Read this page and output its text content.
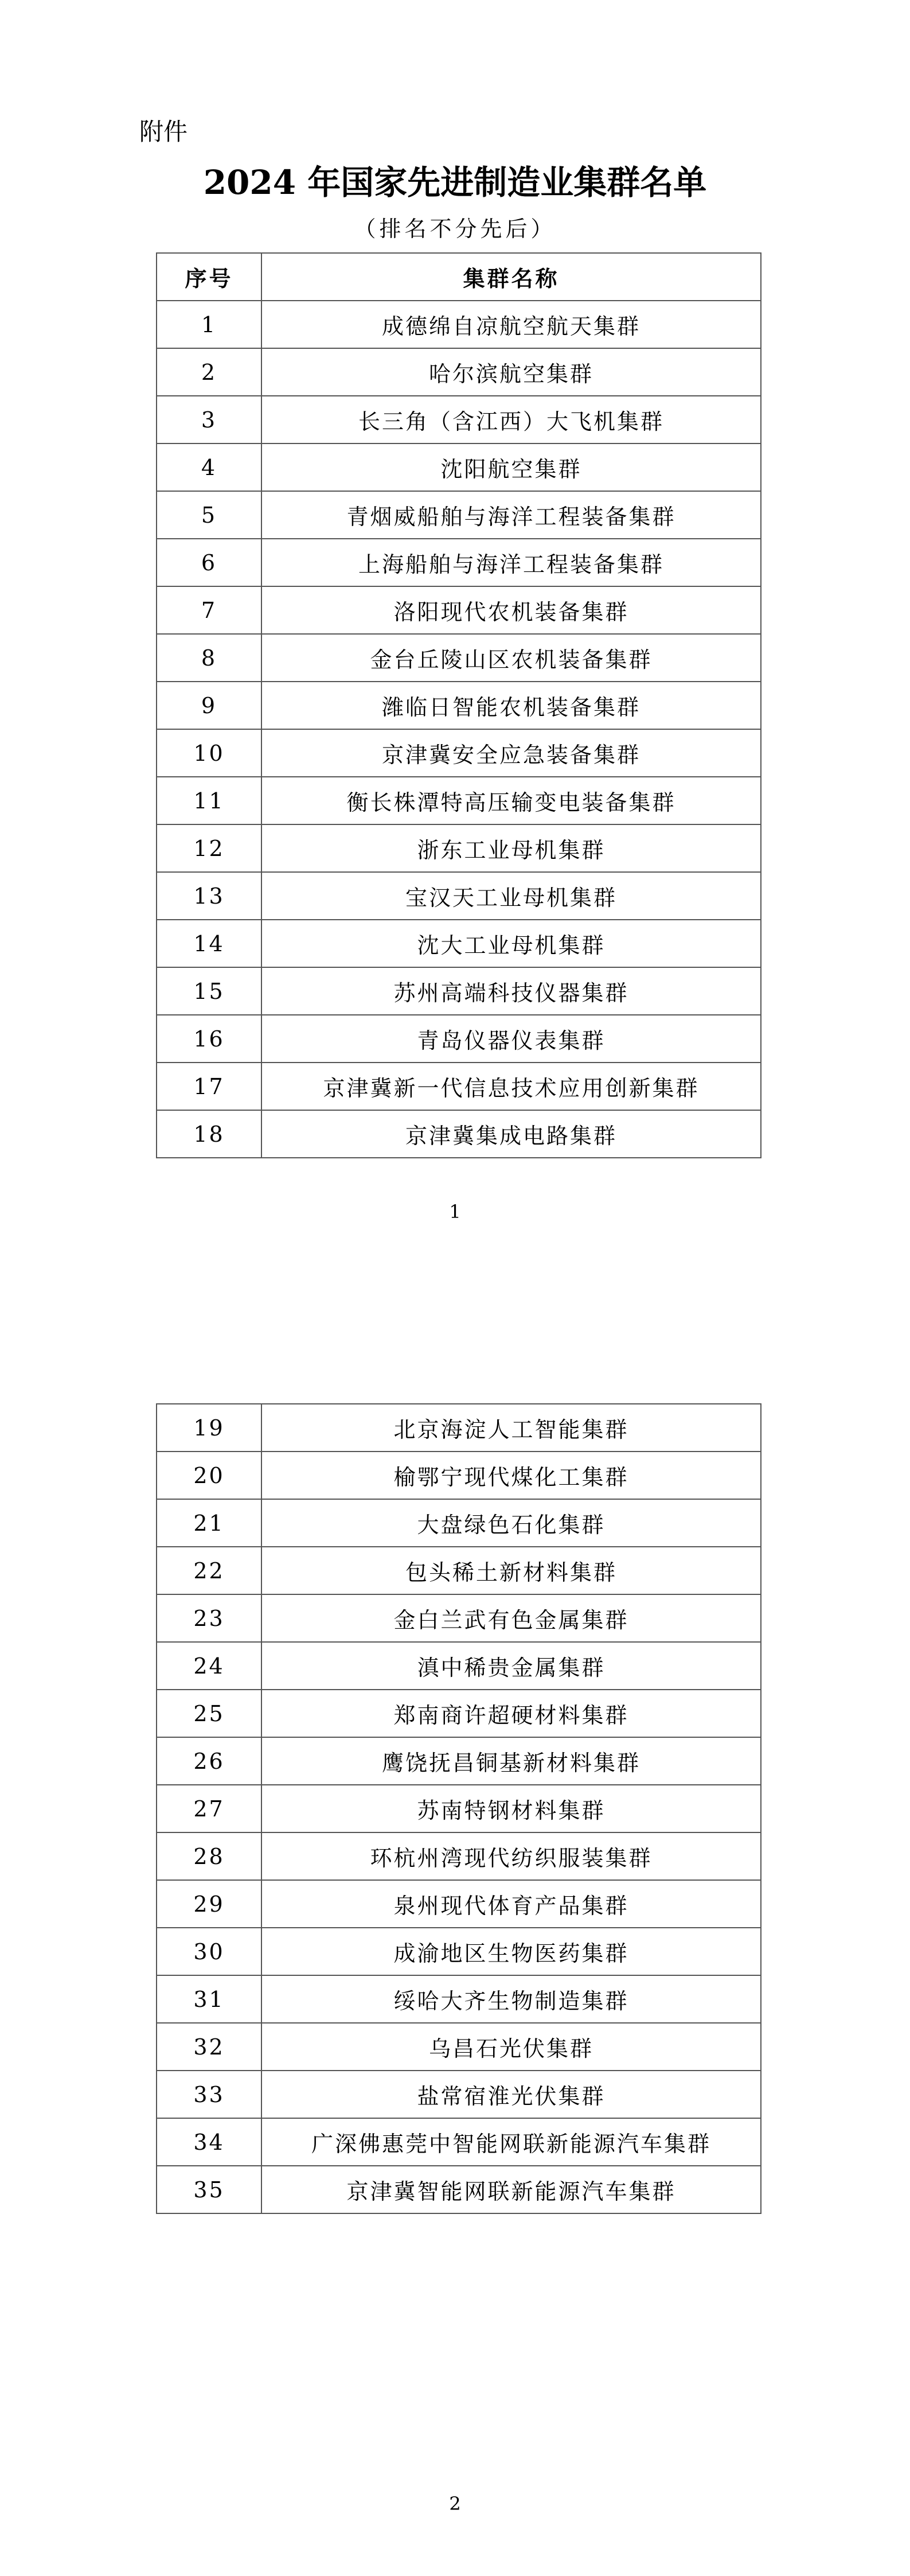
附件
2024 年国家先进制造业集群名单
（排名不分先后）
序号	集群名称
1	成德绵自凉航空航天集群
2	哈尔滨航空集群
3	长三角（含江西）大飞机集群
4	沈阳航空集群
5	青烟威船舶与海洋工程装备集群
6	上海船舶与海洋工程装备集群
7	洛阳现代农机装备集群
8	金台丘陵山区农机装备集群
9	潍临日智能农机装备集群
10	京津冀安全应急装备集群
11	衡长株潭特高压输变电装备集群
12	浙东工业母机集群
13	宝汉天工业母机集群
14	沈大工业母机集群
15	苏州高端科技仪器集群
16	青岛仪器仪表集群
17	京津冀新一代信息技术应用创新集群
18	京津冀集成电路集群
1
19	北京海淀人工智能集群
20	榆鄂宁现代煤化工集群
21	大盘绿色石化集群
22	包头稀土新材料集群
23	金白兰武有色金属集群
24	滇中稀贵金属集群
25	郑南商许超硬材料集群
26	鹰饶抚昌铜基新材料集群
27	苏南特钢材料集群
28	环杭州湾现代纺织服装集群
29	泉州现代体育产品集群
30	成渝地区生物医药集群
31	绥哈大齐生物制造集群
32	乌昌石光伏集群
33	盐常宿淮光伏集群
34	广深佛惠莞中智能网联新能源汽车集群
35	京津冀智能网联新能源汽车集群
2
